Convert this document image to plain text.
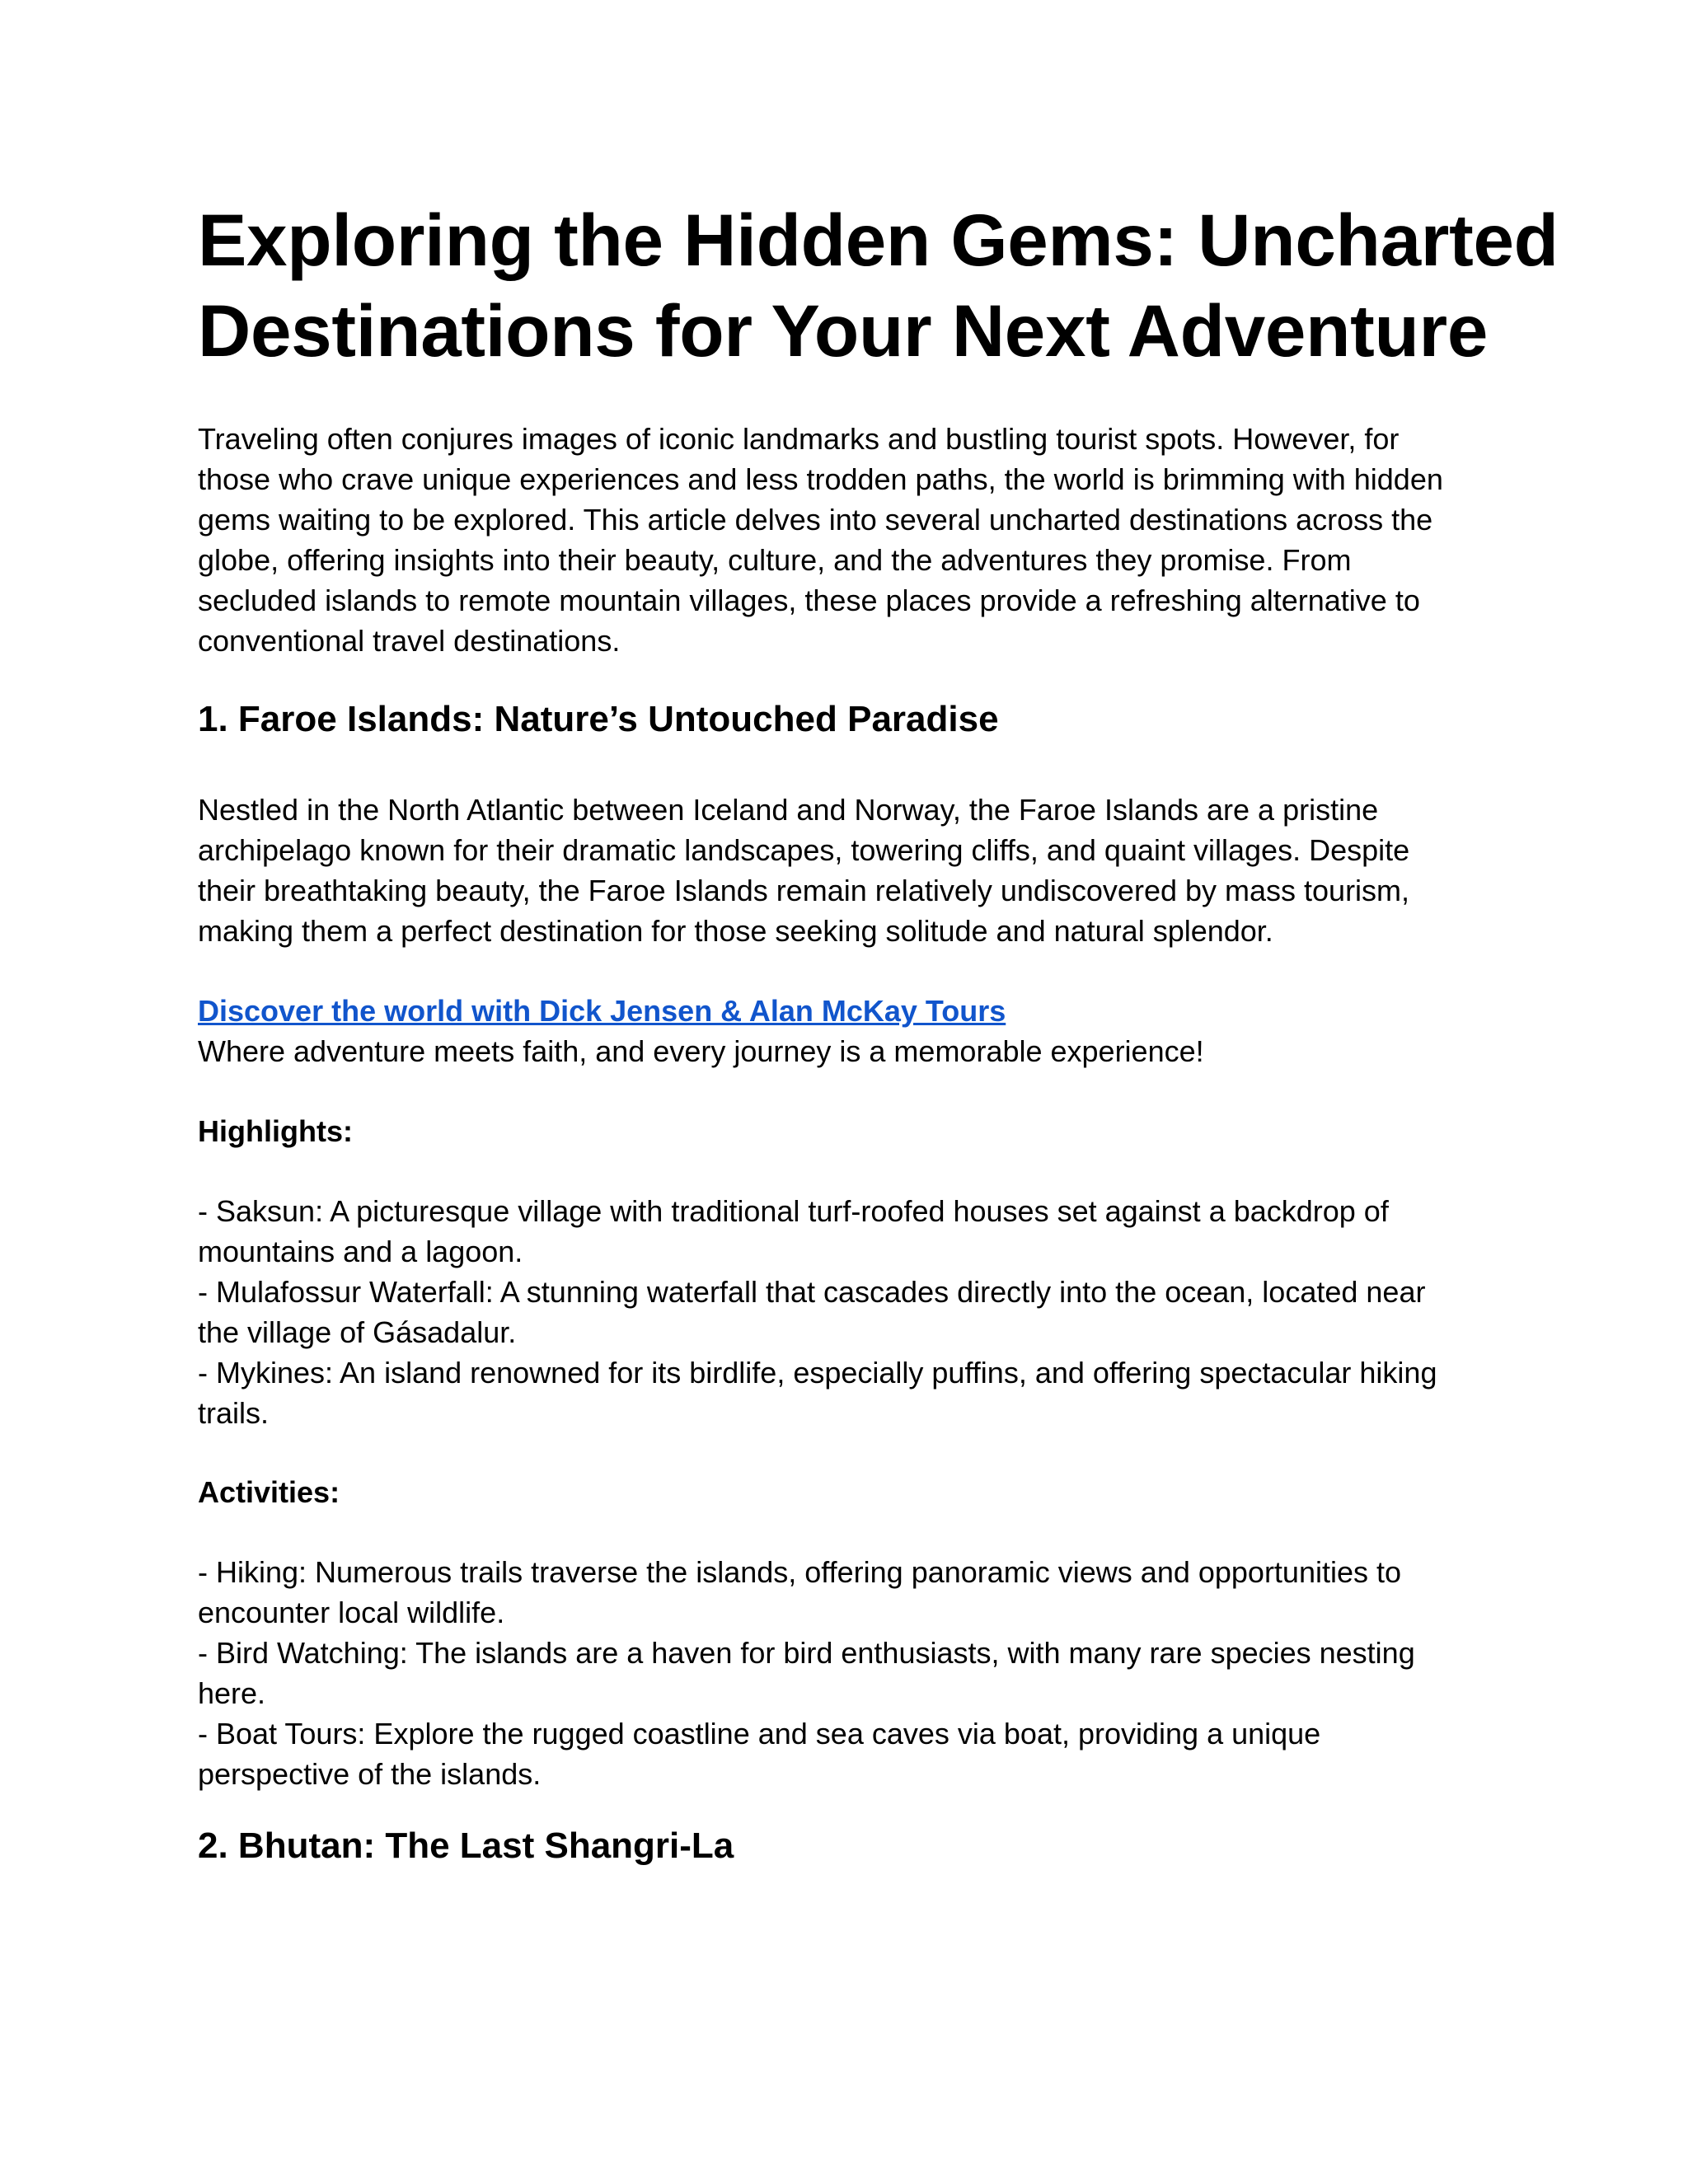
Exploring the Hidden Gems: Uncharted
Destinations for Your Next Adventure

Traveling often conjures images of iconic landmarks and bustling tourist spots. However, for
those who crave unique experiences and less trodden paths, the world is brimming with hidden
gems waiting to be explored. This article delves into several uncharted destinations across the
globe, offering insights into their beauty, culture, and the adventures they promise. From
secluded islands to remote mountain villages, these places provide a refreshing alternative to
conventional travel destinations.

1. Faroe Islands: Nature’s Untouched Paradise

Nestled in the North Atlantic between Iceland and Norway, the Faroe Islands are a pristine
archipelago known for their dramatic landscapes, towering cliffs, and quaint villages. Despite
their breathtaking beauty, the Faroe Islands remain relatively undiscovered by mass tourism,
making them a perfect destination for those seeking solitude and natural splendor.

Discover the world with Dick Jensen & Alan McKay Tours
Where adventure meets faith, and every journey is a memorable experience!

Highlights:

- Saksun: A picturesque village with traditional turf-roofed houses set against a backdrop of
mountains and a lagoon.
- Mulafossur Waterfall: A stunning waterfall that cascades directly into the ocean, located near
the village of Gásadalur.
- Mykines: An island renowned for its birdlife, especially puffins, and offering spectacular hiking
trails.

Activities:

- Hiking: Numerous trails traverse the islands, offering panoramic views and opportunities to
encounter local wildlife.
- Bird Watching: The islands are a haven for bird enthusiasts, with many rare species nesting
here.
- Boat Tours: Explore the rugged coastline and sea caves via boat, providing a unique
perspective of the islands.

2. Bhutan: The Last Shangri-La
